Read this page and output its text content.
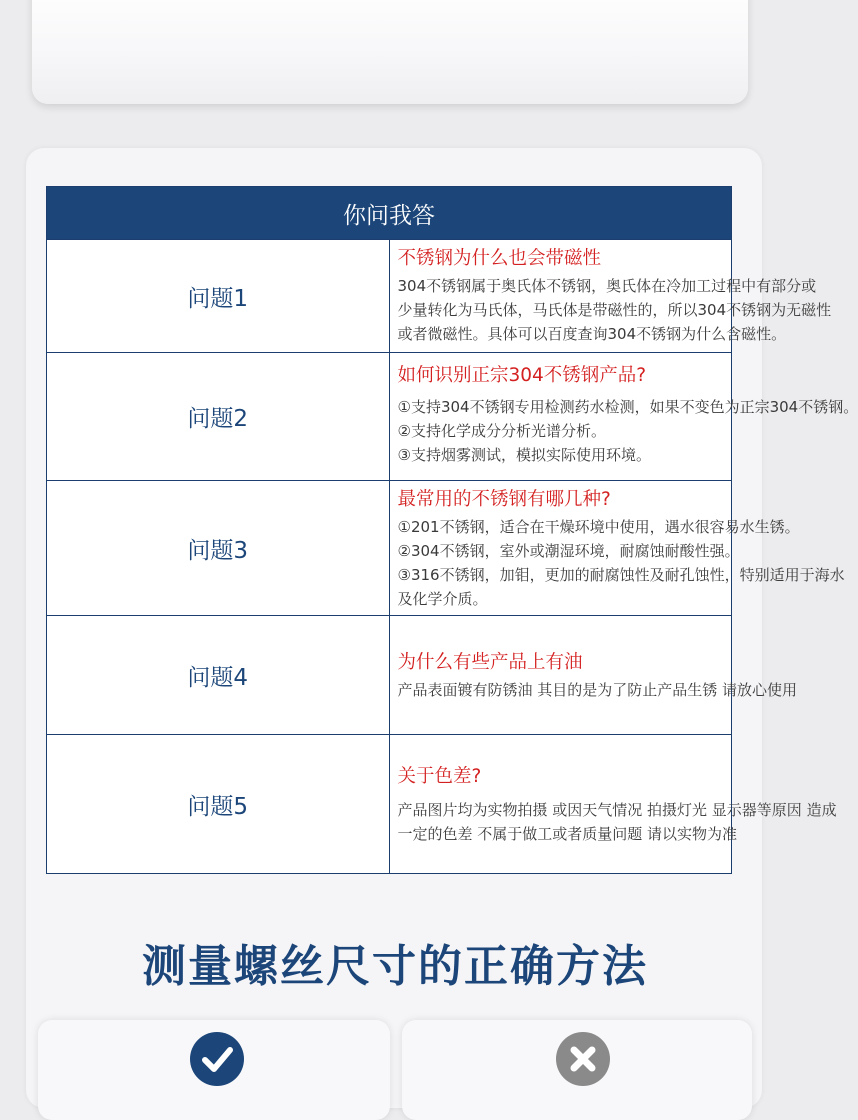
你问我答	
问题1	不锈钢为什么也会带磁性
304不锈钢属于奥氏体不锈钢，奥氏体在冷加工过程中有部分或
少量转化为马氏体，马氏体是带磁性的，所以304不锈钢为无磁性
或者微磁性。具体可以百度查询304不锈钢为什么含磁性。

问题2	如何识别正宗304不锈钢产品?
①支持304不锈钢专用检测药水检测，如果不变色为正宗304不锈钢。
②支持化学成分分析光谱分析。
③支持烟雾测试，模拟实际使用环境。

问题3	最常用的不锈钢有哪几种?
①201不锈钢，适合在干燥环境中使用，遇水很容易水生锈。
②304不锈钢，室外或潮湿环境，耐腐蚀耐酸性强。
③316不锈钢，加钼，更加的耐腐蚀性及耐孔蚀性，特别适用于海水
及化学介质。

问题4	为什么有些产品上有油
产品表面镀有防锈油 其目的是为了防止产品生锈 请放心使用

问题5	关于色差?
产品图片均为实物拍摄 或因天气情况 拍摄灯光 显示器等原因 造成
一定的色差 不属于做工或者质量问题 请以实物为准
测量螺丝尺寸的正确方法
